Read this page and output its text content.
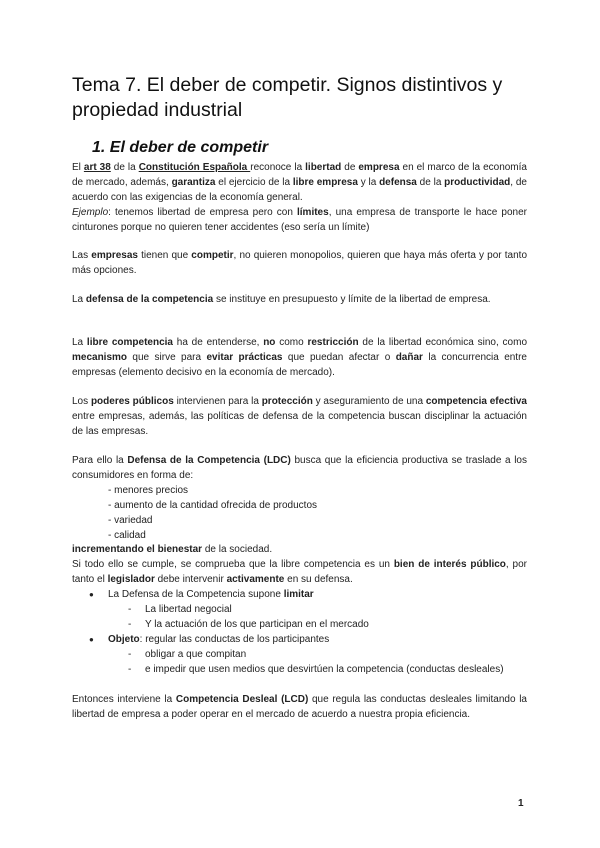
Tema 7. El deber de competir. Signos distintivos y propiedad industrial
1. El deber de competir

El art 38 de la Constitución Española reconoce la libertad de empresa en el marco de la economía de mercado, además, garantiza el ejercicio de la libre empresa y la defensa de la productividad, de acuerdo con las exigencias de la economía general.

Ejemplo: tenemos libertad de empresa pero con límites, una empresa de transporte le hace poner cinturones porque no quieren tener accidentes (eso sería un límite)

Las empresas tienen que competir, no quieren monopolios, quieren que haya más oferta y por tanto más opciones.

La defensa de la competencia se instituye en presupuesto y límite de la libertad de empresa.

La libre competencia ha de entenderse, no como restricción de la libertad económica sino, como mecanismo que sirve para evitar prácticas que puedan afectar o dañar la concurrencia entre empresas (elemento decisivo en la economía de mercado).

Los poderes públicos intervienen para la protección y aseguramiento de una competencia efectiva entre empresas, además, las políticas de defensa de la competencia buscan disciplinar la actuación de las empresas.

Para ello la Defensa de la Competencia (LDC) busca que la eficiencia productiva se traslade a los consumidores en forma de:

- menores precios
- aumento de la cantidad ofrecida de productos
- variedad
- calidad

incrementando el bienestar de la sociedad.

Si todo ello se cumple, se comprueba que la libre competencia es un bien de interés público, por tanto el legislador debe intervenir activamente en su defensa.

● La Defensa de la Competencia supone limitar
- La libertad negocial
- Y la actuación de los que participan en el mercado
● Objeto: regular las conductas de los participantes
- obligar a que compitan
- e impedir que usen medios que desvirtúen la competencia (conductas desleales)

Entonces interviene la Competencia Desleal (LCD) que regula las conductas desleales limitando la libertad de empresa a poder operar en el mercado de acuerdo a nuestra propia eficiencia.

1
